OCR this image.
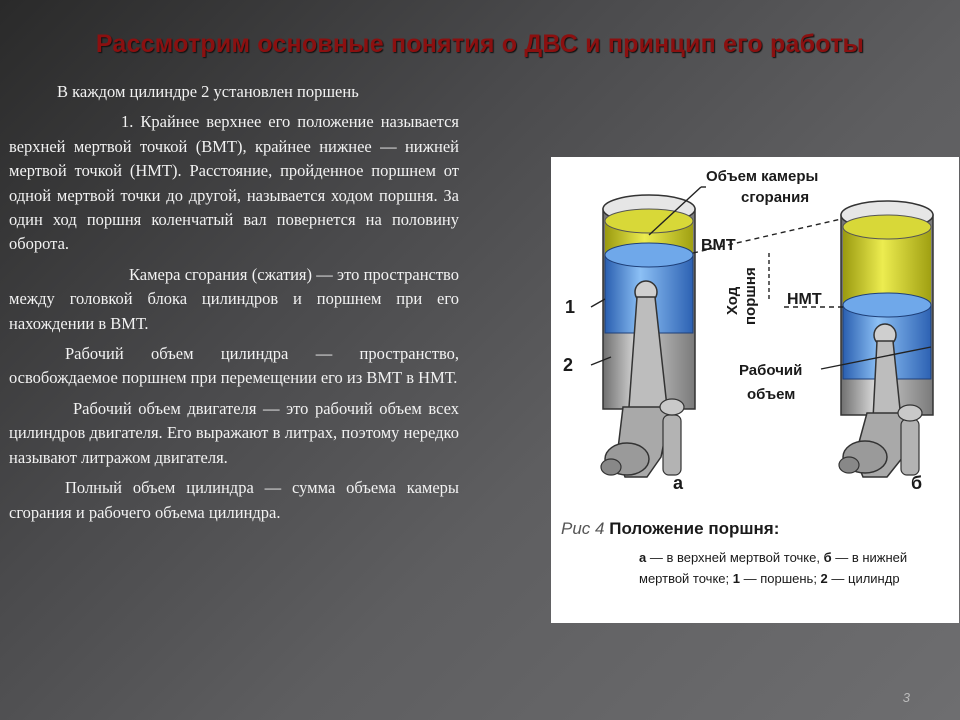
Рассмотрим основные понятия о ДВС и принцип его работы

В каждом цилиндре 2 установлен поршень

1. Крайнее верхнее его положение называется верхней мертвой точкой (ВМТ), крайнее нижнее — нижней мертвой точкой (НМТ). Расстояние, пройденное поршнем от одной мертвой точки до другой, называется ходом поршня. За один ход поршня коленчатый вал повернется на половину оборота.

Камера сгорания (сжатия) — это пространство между головкой блока цилиндров и поршнем при его нахождении в ВМТ.

Рабочий объем цилиндра — пространство, освобождаемое поршнем при перемещении его из ВМТ в НМТ.

Рабочий объем двигателя — это рабочий объем всех цилиндров двигателя. Его выражают в литрах, поэтому нередко называют литражом двигателя.

Полный объем цилиндра — сумма объема камеры сгорания и рабочего объема цилиндра.

Объем камеры
сгорания
ВМТ
НМТ
Ход поршня
Рабочий
объем
1
2
а	б
Рис 4 Положение поршня:
а — в верхней мертвой точке, б — в нижней мертвой точке; 1 — поршень; 2 — цилиндр
3
